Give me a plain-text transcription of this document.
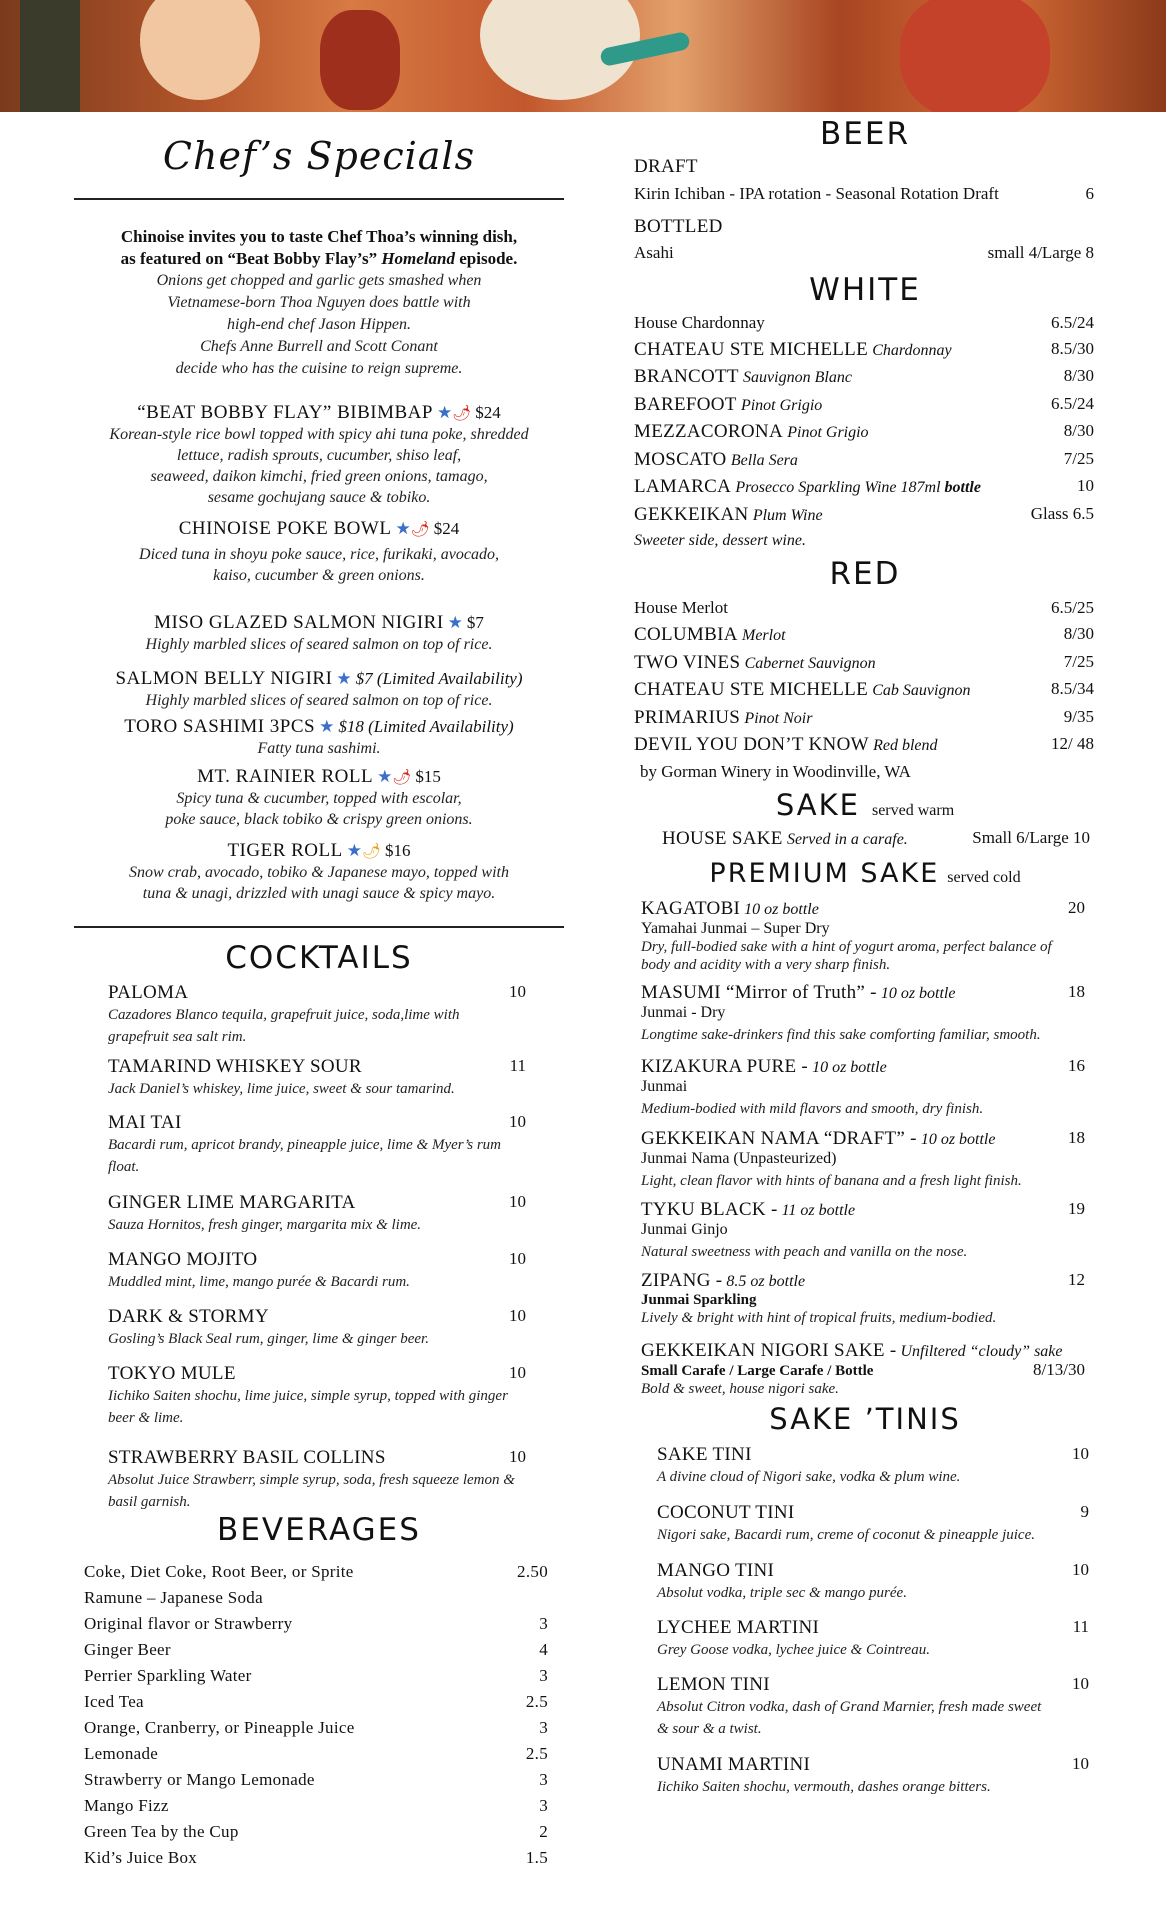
Chef’s Specials
Chinoise invites you to taste Chef Thoa’s winning dish,
as featured on “Beat Bobby Flay’s” Homeland episode.
Onions get chopped and garlic gets smashed when
Vietnamese-born Thoa Nguyen does battle with
high-end chef Jason Hippen.
Chefs Anne Burrell and Scott Conant
decide who has the cuisine to reign supreme.
“BEAT BOBBY FLAY” BIBIMBAP ★🌶 $24
Korean-style rice bowl topped with spicy ahi tuna poke, shredded
lettuce, radish sprouts, cucumber, shiso leaf,
seaweed, daikon kimchi, fried green onions, tamago,
sesame gochujang sauce & tobiko.
CHINOISE POKE BOWL ★🌶 $24
Diced tuna in shoyu poke sauce, rice, furikaki, avocado,
kaiso, cucumber & green onions.
MISO GLAZED SALMON NIGIRI ★ $7
Highly marbled slices of seared salmon on top of rice.
SALMON BELLY NIGIRI ★ $7 (Limited Availability)
Highly marbled slices of seared salmon on top of rice.
TORO SASHIMI 3PCS ★ $18 (Limited Availability)
Fatty tuna sashimi.
MT. RAINIER ROLL ★🌶 $15
Spicy tuna & cucumber, topped with escolar,
poke sauce, black tobiko & crispy green onions.
TIGER ROLL ★🌶 $16
Snow crab, avocado, tobiko & Japanese mayo, topped with
tuna & unagi, drizzled with unagi sauce & spicy mayo.
COCKTAILS
PALOMA	10
Cazadores Blanco tequila, grapefruit juice, soda,lime with
grapefruit sea salt rim.
TAMARIND WHISKEY SOUR	11
Jack Daniel’s whiskey, lime juice, sweet & sour tamarind.
MAI TAI	10
Bacardi rum, apricot brandy, pineapple juice, lime & Myer’s rum
float.
GINGER LIME MARGARITA	10
Sauza Hornitos, fresh ginger, margarita mix & lime.
MANGO MOJITO	10
Muddled mint, lime, mango purée & Bacardi rum.
DARK & STORMY	10
Gosling’s Black Seal rum, ginger, lime & ginger beer.
TOKYO MULE	10
Iichiko Saiten shochu, lime juice, simple syrup, topped with ginger
beer & lime.
STRAWBERRY BASIL COLLINS	10
Absolut Juice Strawberr, simple syrup, soda, fresh squeeze lemon &
basil garnish.
BEVERAGES
Coke, Diet Coke, Root Beer, or Sprite	2.50
Ramune – Japanese Soda
Original flavor or Strawberry	3
Ginger Beer	4
Perrier Sparkling Water	3
Iced Tea	2.5
Orange, Cranberry, or Pineapple Juice	3
Lemonade	2.5
Strawberry or Mango Lemonade	3
Mango Fizz	3
Green Tea by the Cup	2
Kid’s Juice Box	1.5
BEER
DRAFT
Kirin Ichiban - IPA rotation - Seasonal Rotation Draft	6
BOTTLED
Asahi	small 4/Large 8
WHITE
House Chardonnay	6.5/24
CHATEAU STE MICHELLE Chardonnay	8.5/30
BRANCOTT Sauvignon Blanc	8/30
BAREFOOT Pinot Grigio	6.5/24
MEZZACORONA Pinot Grigio	8/30
MOSCATO Bella Sera	7/25
LAMARCA Prosecco Sparkling Wine 187ml bottle	10
GEKKEIKAN Plum Wine	Glass 6.5
Sweeter side, dessert wine.
RED
House Merlot	6.5/25
COLUMBIA Merlot	8/30
TWO VINES Cabernet Sauvignon	7/25
CHATEAU STE MICHELLE Cab Sauvignon	8.5/34
PRIMARIUS Pinot Noir	9/35
DEVIL YOU DON’T KNOW Red blend	12/ 48
by Gorman Winery in Woodinville, WA
SAKE served warm
HOUSE SAKE Served in a carafe.	Small 6/Large 10
PREMIUM SAKE served cold
KAGATOBI 10 oz bottle	20
Yamahai Junmai – Super Dry
Dry, full-bodied sake with a hint of yogurt aroma, perfect balance of
body and acidity with a very sharp finish.
MASUMI “Mirror of Truth” - 10 oz bottle	18
Junmai - Dry
Longtime sake-drinkers find this sake comforting familiar, smooth.
KIZAKURA PURE - 10 oz bottle	16
Junmai
Medium-bodied with mild flavors and smooth, dry finish.
GEKKEIKAN NAMA “DRAFT” - 10 oz bottle	18
Junmai Nama (Unpasteurized)
Light, clean flavor with hints of banana and a fresh light finish.
TYKU BLACK - 11 oz bottle	19
Junmai Ginjo
Natural sweetness with peach and vanilla on the nose.
ZIPANG - 8.5 oz bottle	12
Junmai Sparkling
Lively & bright with hint of tropical fruits, medium-bodied.
GEKKEIKAN NIGORI SAKE - Unfiltered “cloudy” sake
Small Carafe / Large Carafe / Bottle	8/13/30
Bold & sweet, house nigori sake.
SAKE ’TINIS
SAKE TINI	10
A divine cloud of Nigori sake, vodka & plum wine.
COCONUT TINI	9
Nigori sake, Bacardi rum, creme of coconut & pineapple juice.
MANGO TINI	10
Absolut vodka, triple sec & mango purée.
LYCHEE MARTINI	11
Grey Goose vodka, lychee juice & Cointreau.
LEMON TINI	10
Absolut Citron vodka, dash of Grand Marnier, fresh made sweet
& sour & a twist.
UNAMI MARTINI	10
Iichiko Saiten shochu, vermouth, dashes orange bitters.
